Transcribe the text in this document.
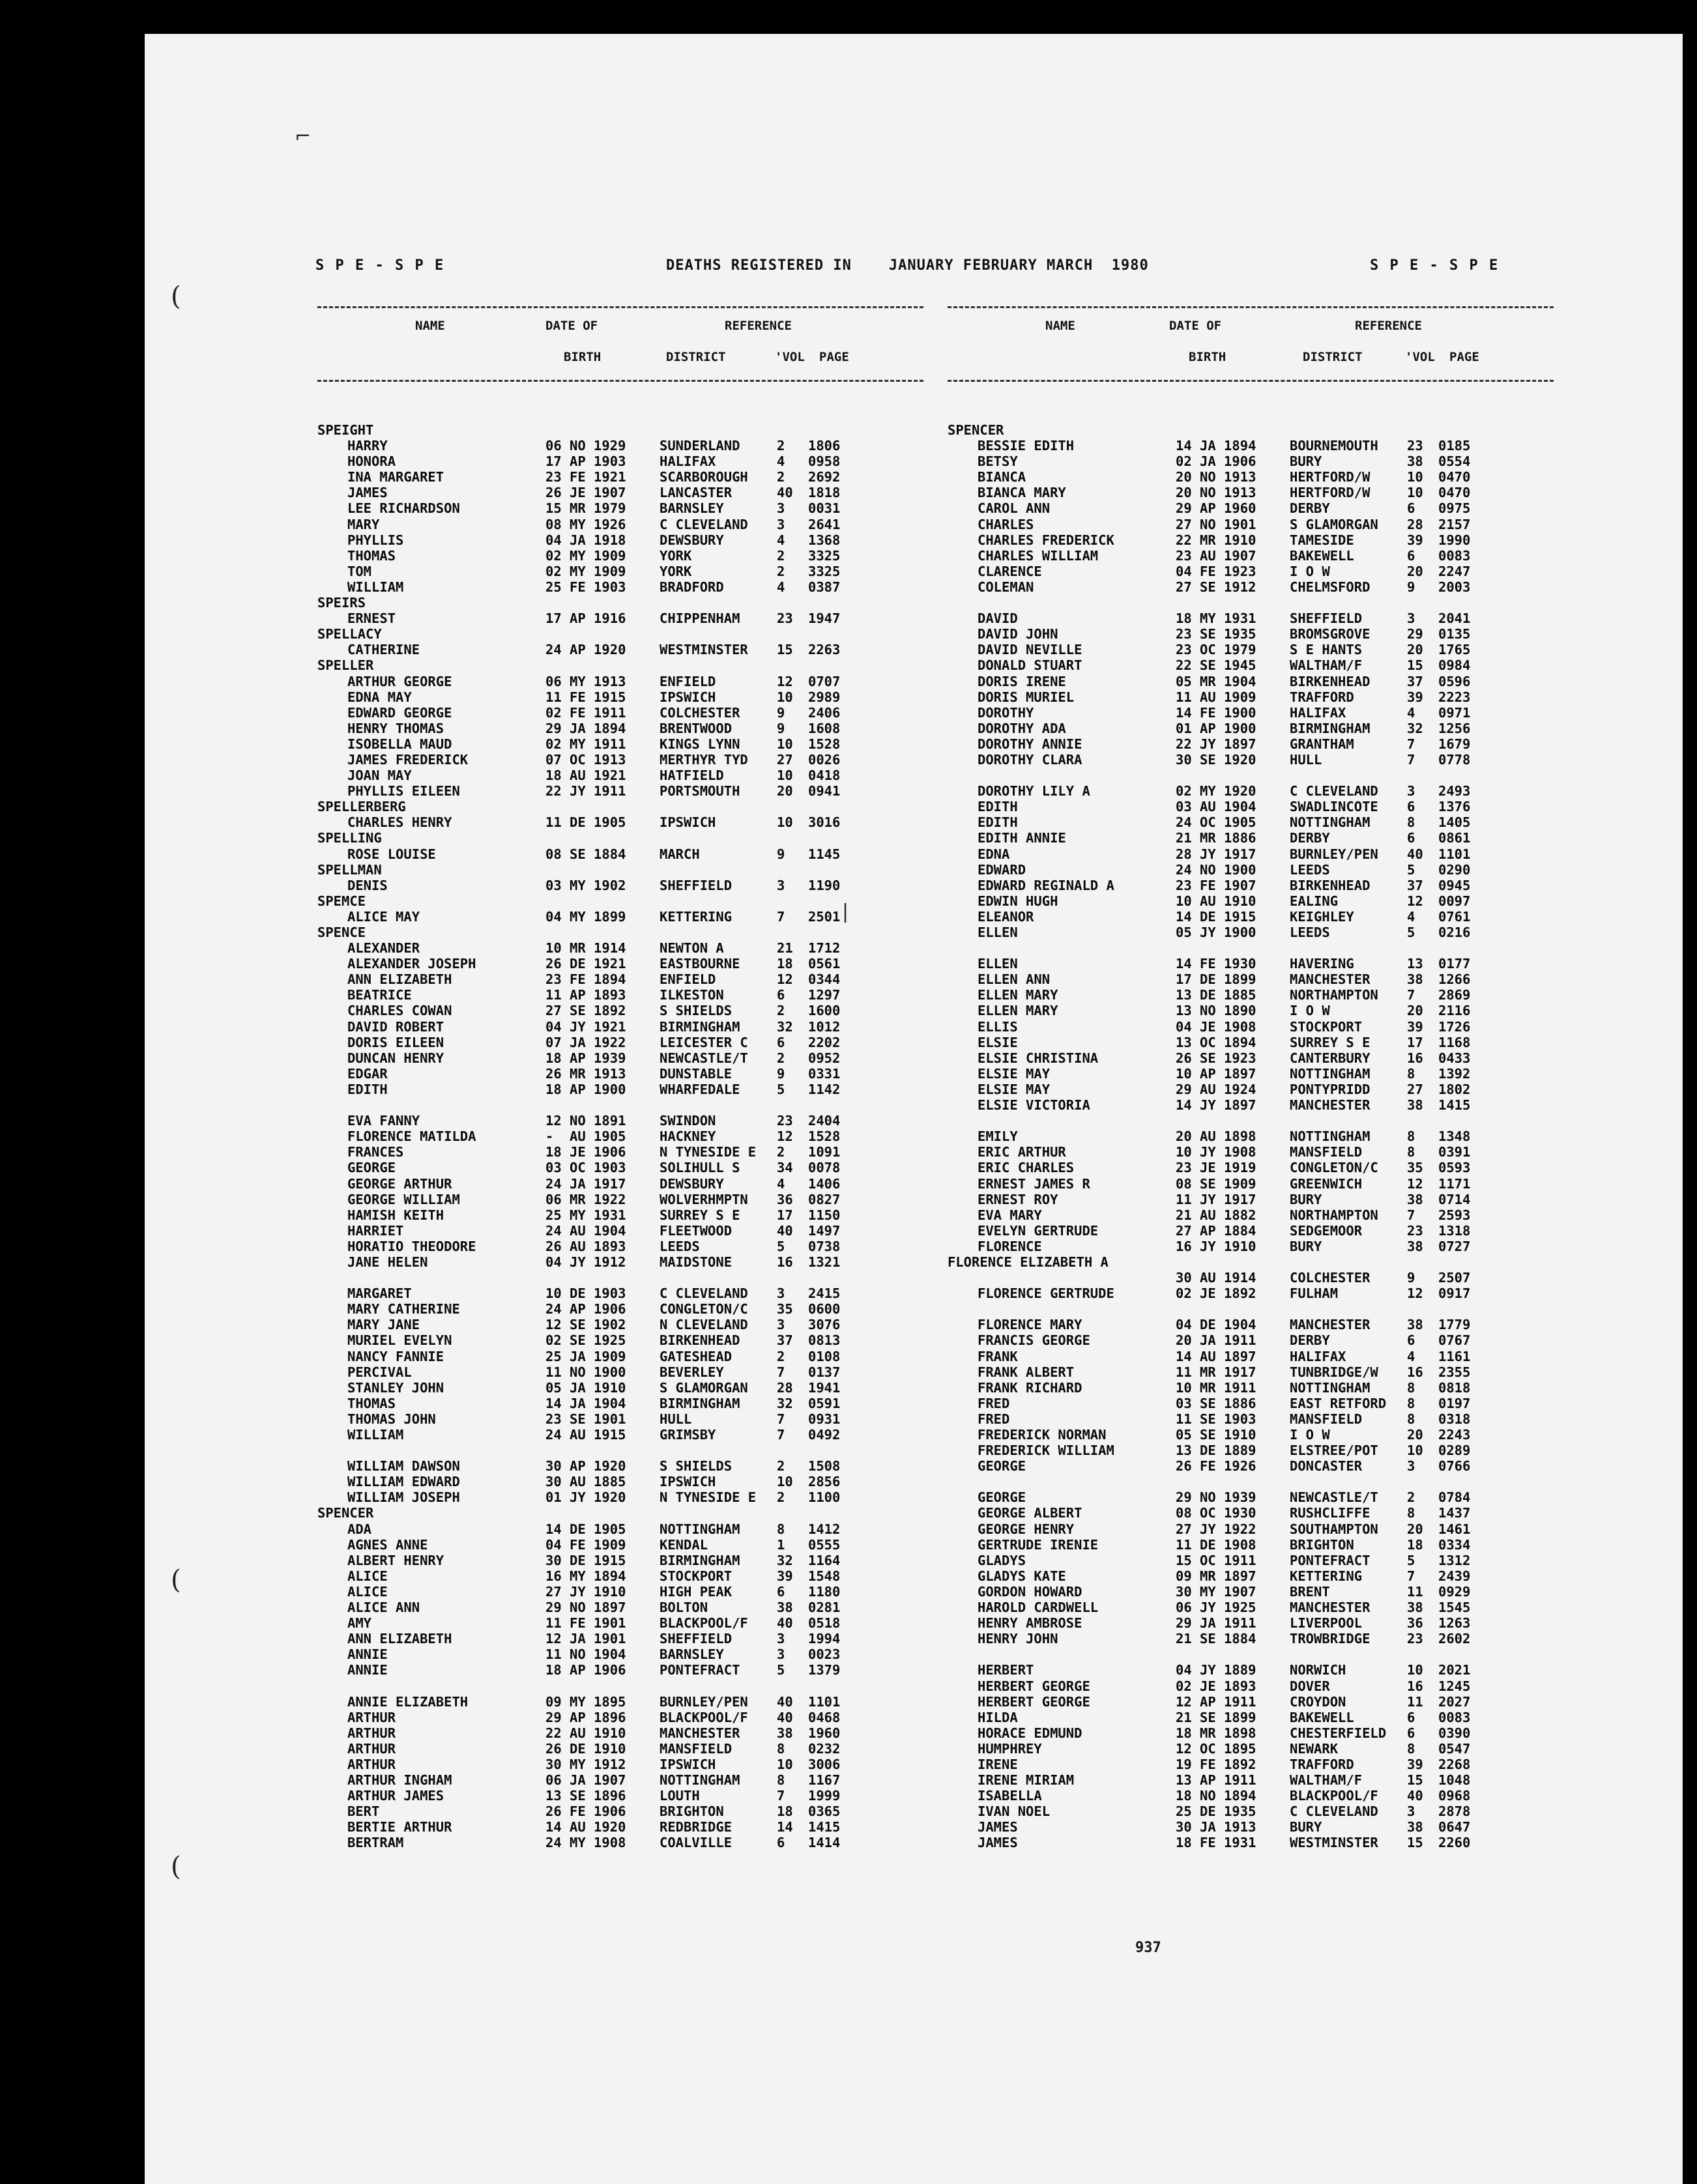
⌐
(
(
(
|
S P E - S P E	DEATHS REGISTERED IN    JANUARY FEBRUARY MARCH  1980	S P E - S P E
NAME	DATE OF
BIRTH
REFERENCE
DISTRICT	'VOL PAGE
SPEIGHT
HARRY	06 NO 1929	SUNDERLAND	2	1806
HONORA	17 AP 1903	HALIFAX	4	0958
INA MARGARET	23 FE 1921	SCARBOROUGH	2	2692
JAMES	26 JE 1907	LANCASTER	40	1818
LEE RICHARDSON	15 MR 1979	BARNSLEY	3	0031
MARY	08 MY 1926	C CLEVELAND	3	2641
PHYLLIS	04 JA 1918	DEWSBURY	4	1368
THOMAS	02 MY 1909	YORK	2	3325
TOM	02 MY 1909	YORK	2	3325
WILLIAM	25 FE 1903	BRADFORD	4	0387
SPEIRS
ERNEST	17 AP 1916	CHIPPENHAM	23	1947
SPELLACY
CATHERINE	24 AP 1920	WESTMINSTER	15	2263
SPELLER
ARTHUR GEORGE	06 MY 1913	ENFIELD	12	0707
EDNA MAY	11 FE 1915	IPSWICH	10	2989
EDWARD GEORGE	02 FE 1911	COLCHESTER	9	2406
HENRY THOMAS	29 JA 1894	BRENTWOOD	9	1608
ISOBELLA MAUD	02 MY 1911	KINGS LYNN	10	1528
JAMES FREDERICK	07 OC 1913	MERTHYR TYD	27	0026
JOAN MAY	18 AU 1921	HATFIELD	10	0418
PHYLLIS EILEEN	22 JY 1911	PORTSMOUTH	20	0941
SPELLERBERG
CHARLES HENRY	11 DE 1905	IPSWICH	10	3016
SPELLING
ROSE LOUISE	08 SE 1884	MARCH	9	1145
SPELLMAN
DENIS	03 MY 1902	SHEFFIELD	3	1190
SPEMCE
ALICE MAY	04 MY 1899	KETTERING	7	2501
SPENCE
ALEXANDER	10 MR 1914	NEWTON A	21	1712
ALEXANDER JOSEPH	26 DE 1921	EASTBOURNE	18	0561
ANN ELIZABETH	23 FE 1894	ENFIELD	12	0344
BEATRICE	11 AP 1893	ILKESTON	6	1297
CHARLES COWAN	27 SE 1892	S SHIELDS	2	1600
DAVID ROBERT	04 JY 1921	BIRMINGHAM	32	1012
DORIS EILEEN	07 JA 1922	LEICESTER C	6	2202
DUNCAN HENRY	18 AP 1939	NEWCASTLE/T	2	0952
EDGAR	26 MR 1913	DUNSTABLE	9	0331
EDITH	18 AP 1900	WHARFEDALE	5	1142
EVA FANNY	12 NO 1891	SWINDON	23	2404
FLORENCE MATILDA	-  AU 1905	HACKNEY	12	1528
FRANCES	18 JE 1906	N TYNESIDE E	2	1091
GEORGE	03 OC 1903	SOLIHULL S	34	0078
GEORGE ARTHUR	24 JA 1917	DEWSBURY	4	1406
GEORGE WILLIAM	06 MR 1922	WOLVERHMPTN	36	0827
HAMISH KEITH	25 MY 1931	SURREY S E	17	1150
HARRIET	24 AU 1904	FLEETWOOD	40	1497
HORATIO THEODORE	26 AU 1893	LEEDS	5	0738
JANE HELEN	04 JY 1912	MAIDSTONE	16	1321
MARGARET	10 DE 1903	C CLEVELAND	3	2415
MARY CATHERINE	24 AP 1906	CONGLETON/C	35	0600
MARY JANE	12 SE 1902	N CLEVELAND	3	3076
MURIEL EVELYN	02 SE 1925	BIRKENHEAD	37	0813
NANCY FANNIE	25 JA 1909	GATESHEAD	2	0108
PERCIVAL	11 NO 1900	BEVERLEY	7	0137
STANLEY JOHN	05 JA 1910	S GLAMORGAN	28	1941
THOMAS	14 JA 1904	BIRMINGHAM	32	0591
THOMAS JOHN	23 SE 1901	HULL	7	0931
WILLIAM	24 AU 1915	GRIMSBY	7	0492
WILLIAM DAWSON	30 AP 1920	S SHIELDS	2	1508
WILLIAM EDWARD	30 AU 1885	IPSWICH	10	2856
WILLIAM JOSEPH	01 JY 1920	N TYNESIDE E	2	1100
SPENCER
ADA	14 DE 1905	NOTTINGHAM	8	1412
AGNES ANNE	04 FE 1909	KENDAL	1	0555
ALBERT HENRY	30 DE 1915	BIRMINGHAM	32	1164
ALICE	16 MY 1894	STOCKPORT	39	1548
ALICE	27 JY 1910	HIGH PEAK	6	1180
ALICE ANN	29 NO 1897	BOLTON	38	0281
AMY	11 FE 1901	BLACKPOOL/F	40	0518
ANN ELIZABETH	12 JA 1901	SHEFFIELD	3	1994
ANNIE	11 NO 1904	BARNSLEY	3	0023
ANNIE	18 AP 1906	PONTEFRACT	5	1379
ANNIE ELIZABETH	09 MY 1895	BURNLEY/PEN	40	1101
ARTHUR	29 AP 1896	BLACKPOOL/F	40	0468
ARTHUR	22 AU 1910	MANCHESTER	38	1960
ARTHUR	26 DE 1910	MANSFIELD	8	0232
ARTHUR	30 MY 1912	IPSWICH	10	3006
ARTHUR INGHAM	06 JA 1907	NOTTINGHAM	8	1167
ARTHUR JAMES	13 SE 1896	LOUTH	7	1999
BERT	26 FE 1906	BRIGHTON	18	0365
BERTIE ARTHUR	14 AU 1920	REDBRIDGE	14	1415
BERTRAM	24 MY 1908	COALVILLE	6	1414
NAME	DATE OF
BIRTH
REFERENCE
DISTRICT	'VOL PAGE
SPENCER
BESSIE EDITH	14 JA 1894	BOURNEMOUTH	23	0185
BETSY	02 JA 1906	BURY	38	0554
BIANCA	20 NO 1913	HERTFORD/W	10	0470
BIANCA MARY	20 NO 1913	HERTFORD/W	10	0470
CAROL ANN	29 AP 1960	DERBY	6	0975
CHARLES	27 NO 1901	S GLAMORGAN	28	2157
CHARLES FREDERICK	22 MR 1910	TAMESIDE	39	1990
CHARLES WILLIAM	23 AU 1907	BAKEWELL	6	0083
CLARENCE	04 FE 1923	I O W	20	2247
COLEMAN	27 SE 1912	CHELMSFORD	9	2003
DAVID	18 MY 1931	SHEFFIELD	3	2041
DAVID JOHN	23 SE 1935	BROMSGROVE	29	0135
DAVID NEVILLE	23 OC 1979	S E HANTS	20	1765
DONALD STUART	22 SE 1945	WALTHAM/F	15	0984
DORIS IRENE	05 MR 1904	BIRKENHEAD	37	0596
DORIS MURIEL	11 AU 1909	TRAFFORD	39	2223
DOROTHY	14 FE 1900	HALIFAX	4	0971
DOROTHY ADA	01 AP 1900	BIRMINGHAM	32	1256
DOROTHY ANNIE	22 JY 1897	GRANTHAM	7	1679
DOROTHY CLARA	30 SE 1920	HULL	7	0778
DOROTHY LILY A	02 MY 1920	C CLEVELAND	3	2493
EDITH	03 AU 1904	SWADLINCOTE	6	1376
EDITH	24 OC 1905	NOTTINGHAM	8	1405
EDITH ANNIE	21 MR 1886	DERBY	6	0861
EDNA	28 JY 1917	BURNLEY/PEN	40	1101
EDWARD	24 NO 1900	LEEDS	5	0290
EDWARD REGINALD A	23 FE 1907	BIRKENHEAD	37	0945
EDWIN HUGH	10 AU 1910	EALING	12	0097
ELEANOR	14 DE 1915	KEIGHLEY	4	0761
ELLEN	05 JY 1900	LEEDS	5	0216
ELLEN	14 FE 1930	HAVERING	13	0177
ELLEN ANN	17 DE 1899	MANCHESTER	38	1266
ELLEN MARY	13 DE 1885	NORTHAMPTON	7	2869
ELLEN MARY	13 NO 1890	I O W	20	2116
ELLIS	04 JE 1908	STOCKPORT	39	1726
ELSIE	13 OC 1894	SURREY S E	17	1168
ELSIE CHRISTINA	26 SE 1923	CANTERBURY	16	0433
ELSIE MAY	10 AP 1897	NOTTINGHAM	8	1392
ELSIE MAY	29 AU 1924	PONTYPRIDD	27	1802
ELSIE VICTORIA	14 JY 1897	MANCHESTER	38	1415
EMILY	20 AU 1898	NOTTINGHAM	8	1348
ERIC ARTHUR	10 JY 1908	MANSFIELD	8	0391
ERIC CHARLES	23 JE 1919	CONGLETON/C	35	0593
ERNEST JAMES R	08 SE 1909	GREENWICH	12	1171
ERNEST ROY	11 JY 1917	BURY	38	0714
EVA MARY	21 AU 1882	NORTHAMPTON	7	2593
EVELYN GERTRUDE	27 AP 1884	SEDGEMOOR	23	1318
FLORENCE	16 JY 1910	BURY	38	0727
FLORENCE ELIZABETH A
30 AU 1914	COLCHESTER	9	2507
FLORENCE GERTRUDE	02 JE 1892	FULHAM	12	0917
FLORENCE MARY	04 DE 1904	MANCHESTER	38	1779
FRANCIS GEORGE	20 JA 1911	DERBY	6	0767
FRANK	14 AU 1897	HALIFAX	4	1161
FRANK ALBERT	11 MR 1917	TUNBRIDGE/W	16	2355
FRANK RICHARD	10 MR 1911	NOTTINGHAM	8	0818
FRED	03 SE 1886	EAST RETFORD	8	0197
FRED	11 SE 1903	MANSFIELD	8	0318
FREDERICK NORMAN	05 SE 1910	I O W	20	2243
FREDERICK WILLIAM	13 DE 1889	ELSTREE/POT	10	0289
GEORGE	26 FE 1926	DONCASTER	3	0766
GEORGE	29 NO 1939	NEWCASTLE/T	2	0784
GEORGE ALBERT	08 OC 1930	RUSHCLIFFE	8	1437
GEORGE HENRY	27 JY 1922	SOUTHAMPTON	20	1461
GERTRUDE IRENIE	11 DE 1908	BRIGHTON	18	0334
GLADYS	15 OC 1911	PONTEFRACT	5	1312
GLADYS KATE	09 MR 1897	KETTERING	7	2439
GORDON HOWARD	30 MY 1907	BRENT	11	0929
HAROLD CARDWELL	06 JY 1925	MANCHESTER	38	1545
HENRY AMBROSE	29 JA 1911	LIVERPOOL	36	1263
HENRY JOHN	21 SE 1884	TROWBRIDGE	23	2602
HERBERT	04 JY 1889	NORWICH	10	2021
HERBERT GEORGE	02 JE 1893	DOVER	16	1245
HERBERT GEORGE	12 AP 1911	CROYDON	11	2027
HILDA	21 SE 1899	BAKEWELL	6	0083
HORACE EDMUND	18 MR 1898	CHESTERFIELD	6	0390
HUMPHREY	12 OC 1895	NEWARK	8	0547
IRENE	19 FE 1892	TRAFFORD	39	2268
IRENE MIRIAM	13 AP 1911	WALTHAM/F	15	1048
ISABELLA	18 NO 1894	BLACKPOOL/F	40	0968
IVAN NOEL	25 DE 1935	C CLEVELAND	3	2878
JAMES	30 JA 1913	BURY	38	0647
JAMES	18 FE 1931	WESTMINSTER	15	2260
937
